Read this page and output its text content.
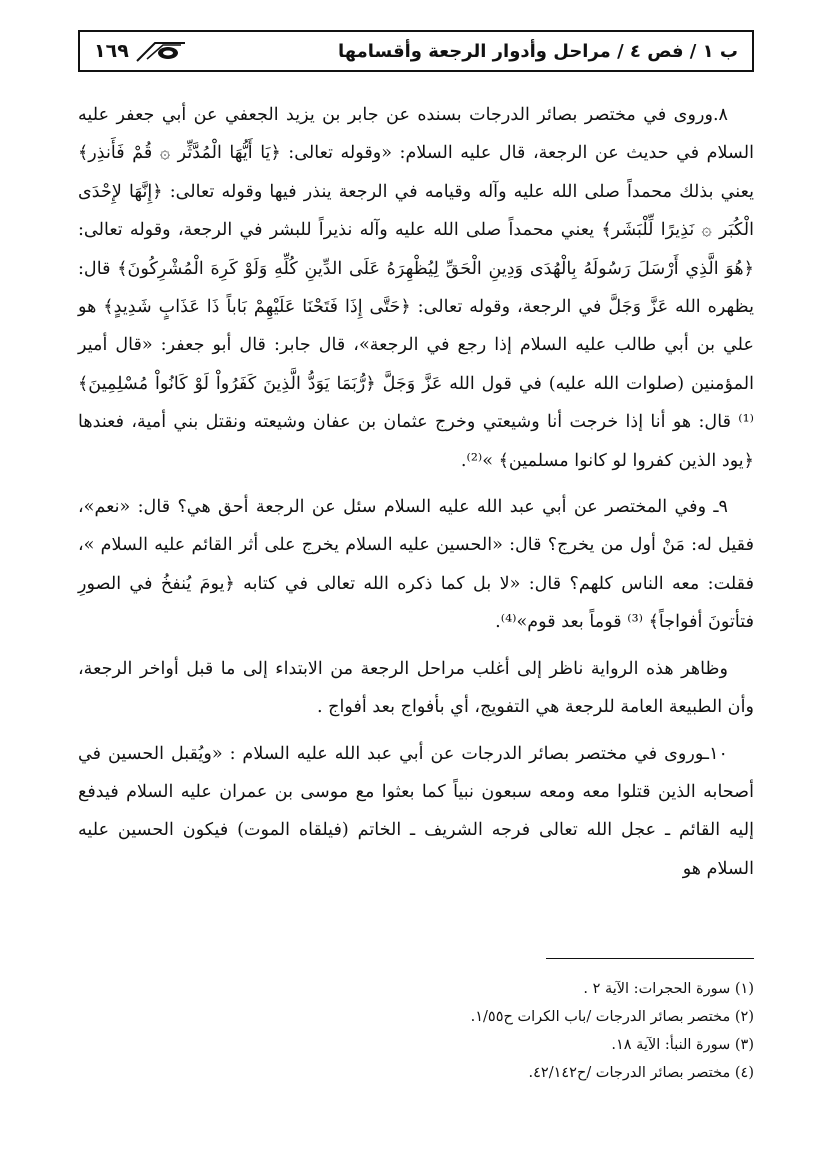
ب ١ / فص ٤ / مراحل وأدوار الرجعة وأقسامها
١٦٩

٨.وروى في مختصر بصائر الدرجات بسنده عن جابر بن يزيد الجعفي عن أبي جعفر عليه السلام في حديث عن الرجعة، قال عليه السلام: «وقوله تعالى: ﴿يَا أَيُّهَا الْمُدَّثِّر ۞ قُمْ فَأَنذِر﴾ يعني بذلك محمداً صلى الله عليه وآله وقيامه في الرجعة ينذر فيها وقوله تعالى: ﴿إِنَّهَا لإِحْدَى الْكُبَر ۞ نَذِيرًا لِّلْبَشَر﴾ يعني محمداً صلى الله عليه وآله نذيراً للبشر في الرجعة، وقوله تعالى: ﴿هُوَ الَّذِي أَرْسَلَ رَسُولَهُ بِالْهُدَى وَدِينِ الْحَقِّ لِيُظْهِرَهُ عَلَى الدِّينِ كُلِّهِ وَلَوْ كَرِهَ الْمُشْرِكُونَ﴾ قال: يظهره الله عَزَّ وَجَلَّ في الرجعة، وقوله تعالى: ﴿حَتَّى إِذَا فَتَحْنَا عَلَيْهِمْ بَاباً ذَا عَذَابٍ شَدِيدٍ﴾ هو علي بن أبي طالب عليه السلام إذا رجع في الرجعة»، قال جابر: قال أبو جعفر: «قال أمير المؤمنين (صلوات الله عليه) في قول الله عَزَّ وَجَلَّ ﴿رُّبَمَا يَوَدُّ الَّذِينَ كَفَرُواْ لَوْ كَانُواْ مُسْلِمِينَ﴾ ⁽¹⁾ قال: هو أنا إذا خرجت أنا وشيعتي وخرج عثمان بن عفان وشيعته ونقتل بني أمية، فعندها ﴿يود الذين كفروا لو كانوا مسلمين﴾ »⁽²⁾.

٩ـ وفي المختصر عن أبي عبد الله عليه السلام سئل عن الرجعة أحق هي؟ قال: «نعم»، فقيل له: مَنْ أول من يخرج؟ قال: «الحسين عليه السلام يخرج على أثر القائم عليه السلام »، فقلت: معه الناس كلهم؟ قال: «لا بل كما ذكره الله تعالى في كتابه ﴿يومَ يُنفخُ في الصورِ فتأتونَ أفواجاً﴾ ⁽³⁾ قوماً بعد قوم»⁽⁴⁾.

وظاهر هذه الرواية ناظر إلى أغلب مراحل الرجعة من الابتداء إلى ما قبل أواخر الرجعة، وأن الطبيعة العامة للرجعة هي التفويج، أي بأفواج بعد أفواج .

١٠ـوروى في مختصر بصائر الدرجات عن أبي عبد الله عليه السلام : «ويُقبل الحسين في أصحابه الذين قتلوا معه ومعه سبعون نبياً كما بعثوا مع موسى بن عمران عليه السلام فيدفع إليه القائم ـ عجل الله تعالى فرجه الشريف ـ الخاتم (فيلقاه الموت) فيكون الحسين عليه السلام هو

(١) سورة الحجرات: الآية ٢ .
(٢) مختصر بصائر الدرجات /باب الكرات ح١/٥٥.
(٣) سورة النبأ: الآية ١٨.
(٤) مختصر بصائر الدرجات /ح٤٢/١٤٢.
